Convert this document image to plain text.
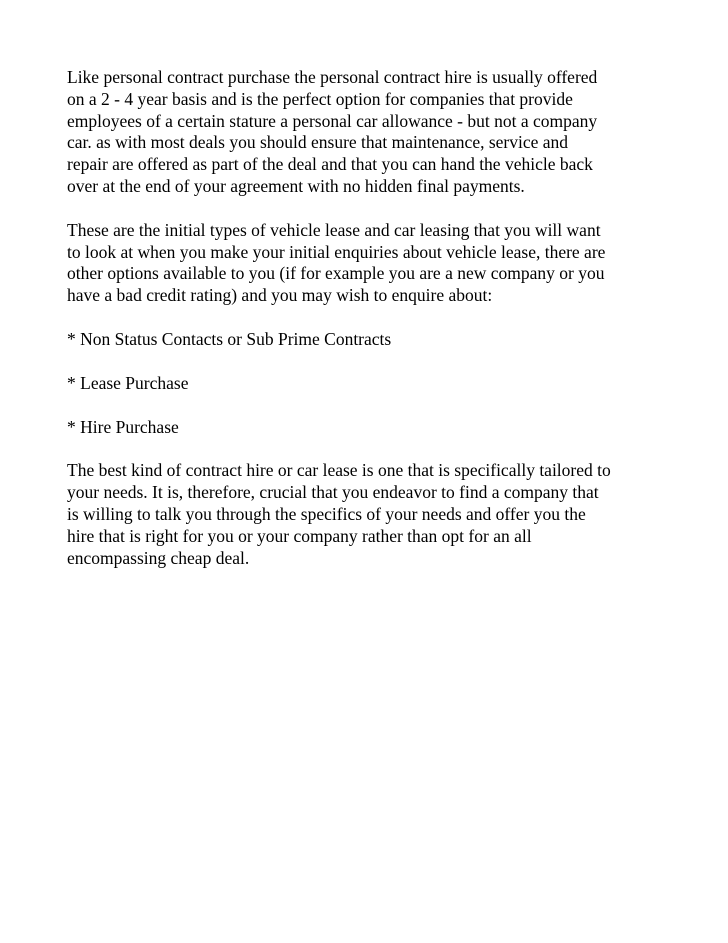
Like personal contract purchase the personal contract hire is usually offered
on a 2 - 4 year basis and is the perfect option for companies that provide
employees of a certain stature a personal car allowance - but not a company
car. as with most deals you should ensure that maintenance, service and
repair are offered as part of the deal and that you can hand the vehicle back
over at the end of your agreement with no hidden final payments.

These are the initial types of vehicle lease and car leasing that you will want
to look at when you make your initial enquiries about vehicle lease, there are
other options available to you (if for example you are a new company or you
have a bad credit rating) and you may wish to enquire about:

* Non Status Contacts or Sub Prime Contracts

* Lease Purchase

* Hire Purchase

The best kind of contract hire or car lease is one that is specifically tailored to
your needs. It is, therefore, crucial that you endeavor to find a company that
is willing to talk you through the specifics of your needs and offer you the
hire that is right for you or your company rather than opt for an all
encompassing cheap deal.
